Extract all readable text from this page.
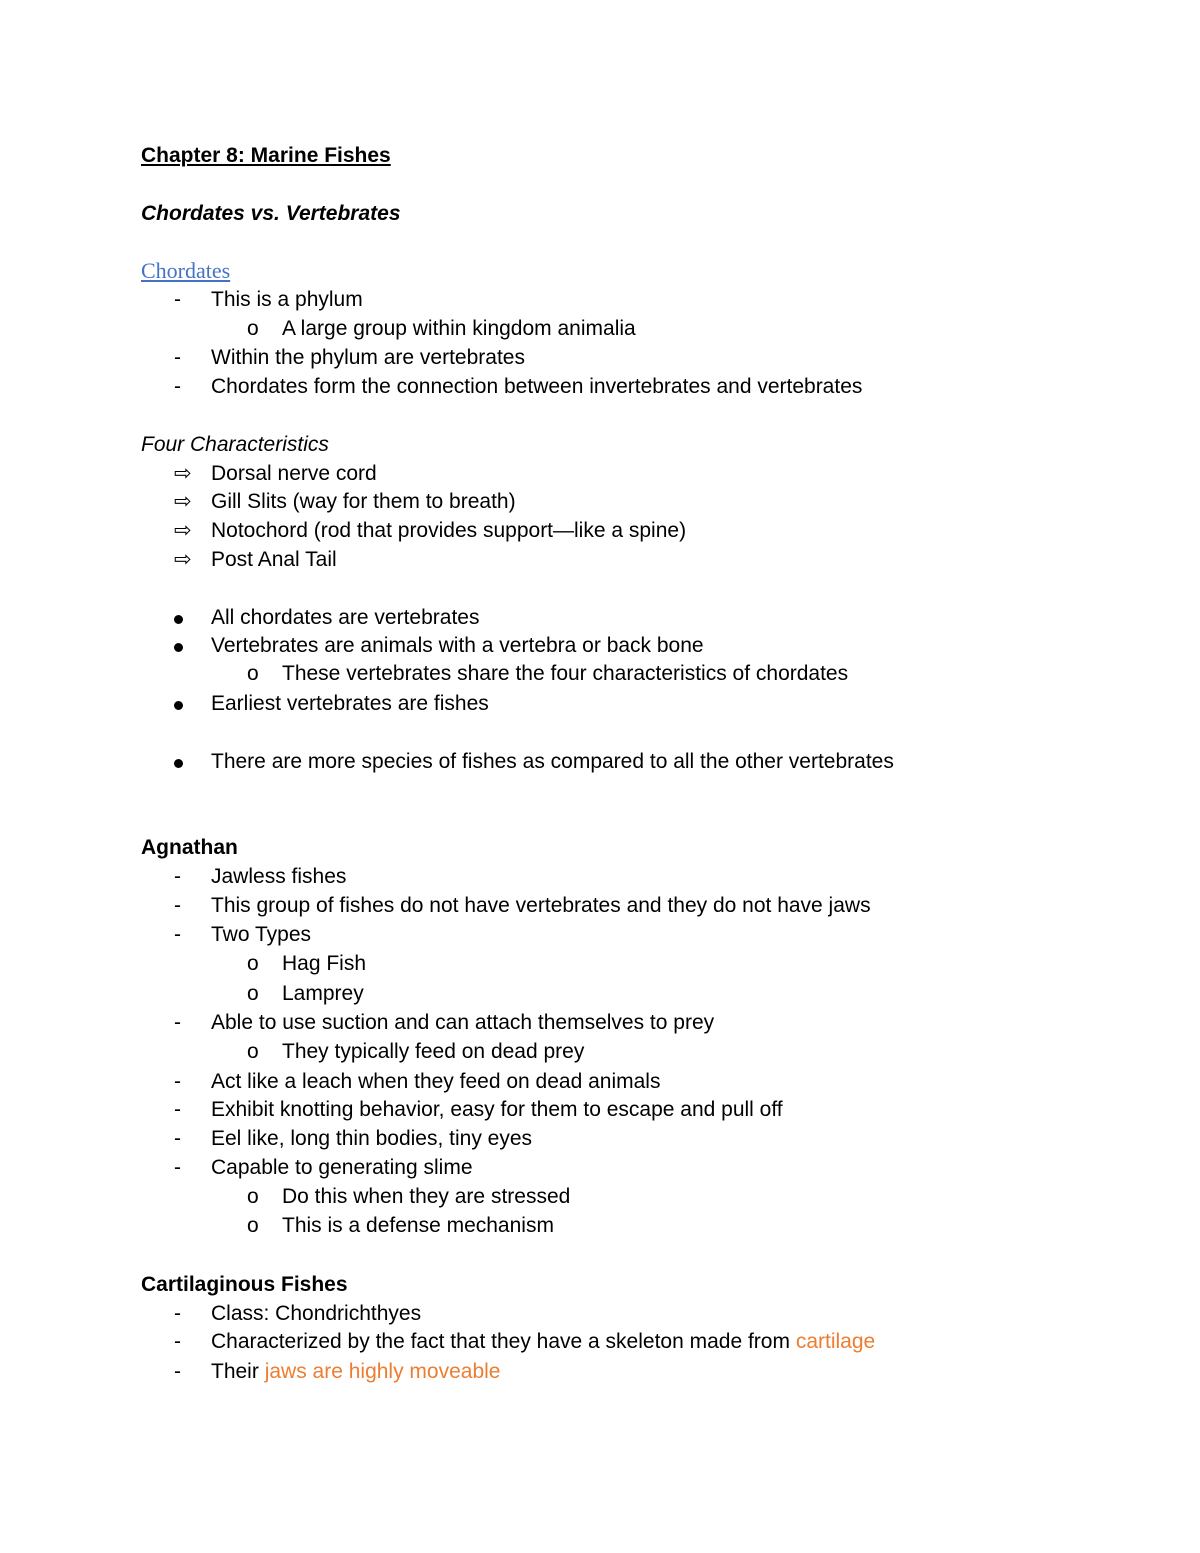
Chapter 8: Marine Fishes
Chordates vs. Vertebrates
Chordates
- This is a phylum
o A large group within kingdom animalia
- Within the phylum are vertebrates
- Chordates form the connection between invertebrates and vertebrates
Four Characteristics
⇨ Dorsal nerve cord
⇨ Gill Slits (way for them to breath)
⇨ Notochord (rod that provides support—like a spine)
⇨ Post Anal Tail
All chordates are vertebrates
Vertebrates are animals with a vertebra or back bone
o These vertebrates share the four characteristics of chordates
Earliest vertebrates are fishes
There are more species of fishes as compared to all the other vertebrates
Agnathan
- Jawless fishes
- This group of fishes do not have vertebrates and they do not have jaws
- Two Types
o Hag Fish
o Lamprey
- Able to use suction and can attach themselves to prey
o They typically feed on dead prey
- Act like a leach when they feed on dead animals
- Exhibit knotting behavior, easy for them to escape and pull off
- Eel like, long thin bodies, tiny eyes
- Capable to generating slime
o Do this when they are stressed
o This is a defense mechanism
Cartilaginous Fishes
- Class: Chondrichthyes
- Characterized by the fact that they have a skeleton made from cartilage
- Their jaws are highly moveable
